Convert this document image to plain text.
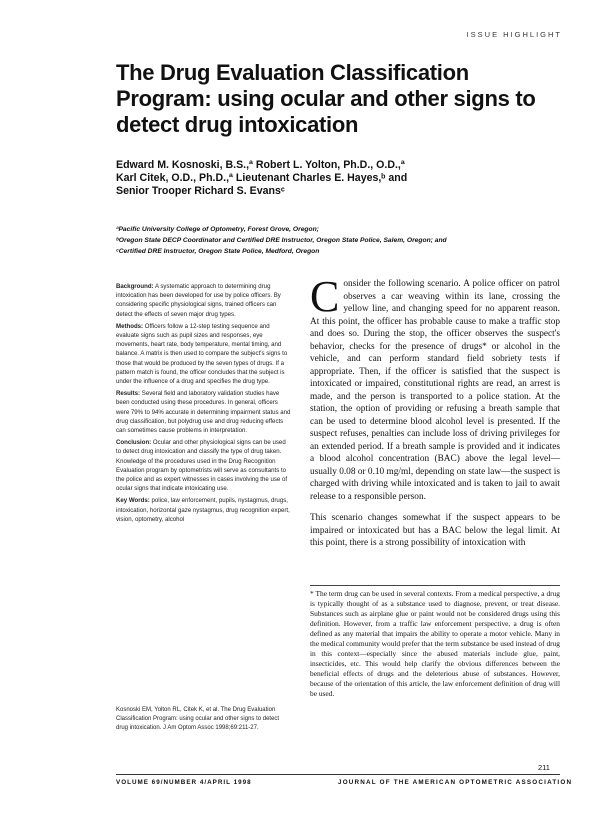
ISSUE HIGHLIGHT
The Drug Evaluation Classification Program: using ocular and other signs to detect drug intoxication
Edward M. Kosnoski, B.S.,ª Robert L. Yolton, Ph.D., O.D.,ª
Karl Citek, O.D., Ph.D.,ª Lieutenant Charles E. Hayes,ᵇ and
Senior Trooper Richard S. Evansᶜ
ªPacific University College of Optometry, Forest Grove, Oregon;
ᵇOregon State DECP Coordinator and Certified DRE Instructor, Oregon State Police, Salem, Oregon; and
ᶜCertified DRE Instructor, Oregon State Police, Medford, Oregon

Background: A systematic approach to determining drug intoxication has been developed for use by police officers. By considering specific physiological signs, trained officers can detect the effects of seven major drug types.

Methods: Officers follow a 12-step testing sequence and evaluate signs such as pupil sizes and responses, eye movements, heart rate, body temperature, mental timing, and balance. A matrix is then used to compare the subject's signs to those that would be produced by the seven types of drugs. If a pattern match is found, the officer concludes that the subject is under the influence of a drug and specifies the drug type.

Results: Several field and laboratory validation studies have been conducted using these procedures. In general, officers were 79% to 94% accurate in determining impairment status and drug classification, but polydrug use and drug reducing effects can sometimes cause problems in interpretation.

Conclusion: Ocular and other physiological signs can be used to detect drug intoxication and classify the type of drug taken. Knowledge of the procedures used in the Drug Recognition Evaluation program by optometrists will serve as consultants to the police and as expert witnesses in cases involving the use of ocular signs that indicate intoxicating use.

Key Words: police, law enforcement, pupils, nystagmus, drugs, intoxication, horizontal gaze nystagmus, drug recognition expert, vision, optometry, alcohol

Kosnoski EM, Yolton RL, Citek K, et al. The Drug Evaluation Classification Program: using ocular and other signs to detect drug intoxication. J Am Optom Assoc 1998;69:211-27.

Consider the following scenario. A police officer on patrol observes a car weaving within its lane, crossing the yellow line, and changing speed for no apparent reason. At this point, the officer has probable cause to make a traffic stop and does so. During the stop, the officer observes the suspect's behavior, checks for the presence of drugs* or alcohol in the vehicle, and can perform standard field sobriety tests if appropriate. Then, if the officer is satisfied that the suspect is intoxicated or impaired, constitutional rights are read, an arrest is made, and the person is transported to a police station. At the station, the option of providing or refusing a breath sample that can be used to determine blood alcohol level is presented. If the suspect refuses, penalties can include loss of driving privileges for an extended period. If a breath sample is provided and it indicates a blood alcohol concentration (BAC) above the legal level—usually 0.08 or 0.10 mg/ml, depending on state law—the suspect is charged with driving while intoxicated and is taken to jail to await release to a responsible person.

This scenario changes somewhat if the suspect appears to be impaired or intoxicated but has a BAC below the legal limit. At this point, there is a strong possibility of intoxication with

* The term drug can be used in several contexts. From a medical perspective, a drug is typically thought of as a substance used to diagnose, prevent, or treat disease. Substances such as airplane glue or paint would not be considered drugs using this definition. However, from a traffic law enforcement perspective, a drug is often defined as any material that impairs the ability to operate a motor vehicle. Many in the medical community would prefer that the term substance be used instead of drug in this context—especially since the abused materials include glue, paint, insecticides, etc. This would help clarify the obvious differences between the beneficial effects of drugs and the deleterious abuse of substances. However, because of the orientation of this article, the law enforcement definition of drug will be used.
211
VOLUME 69/NUMBER 4/APRIL 1998	JOURNAL OF THE AMERICAN OPTOMETRIC ASSOCIATION
